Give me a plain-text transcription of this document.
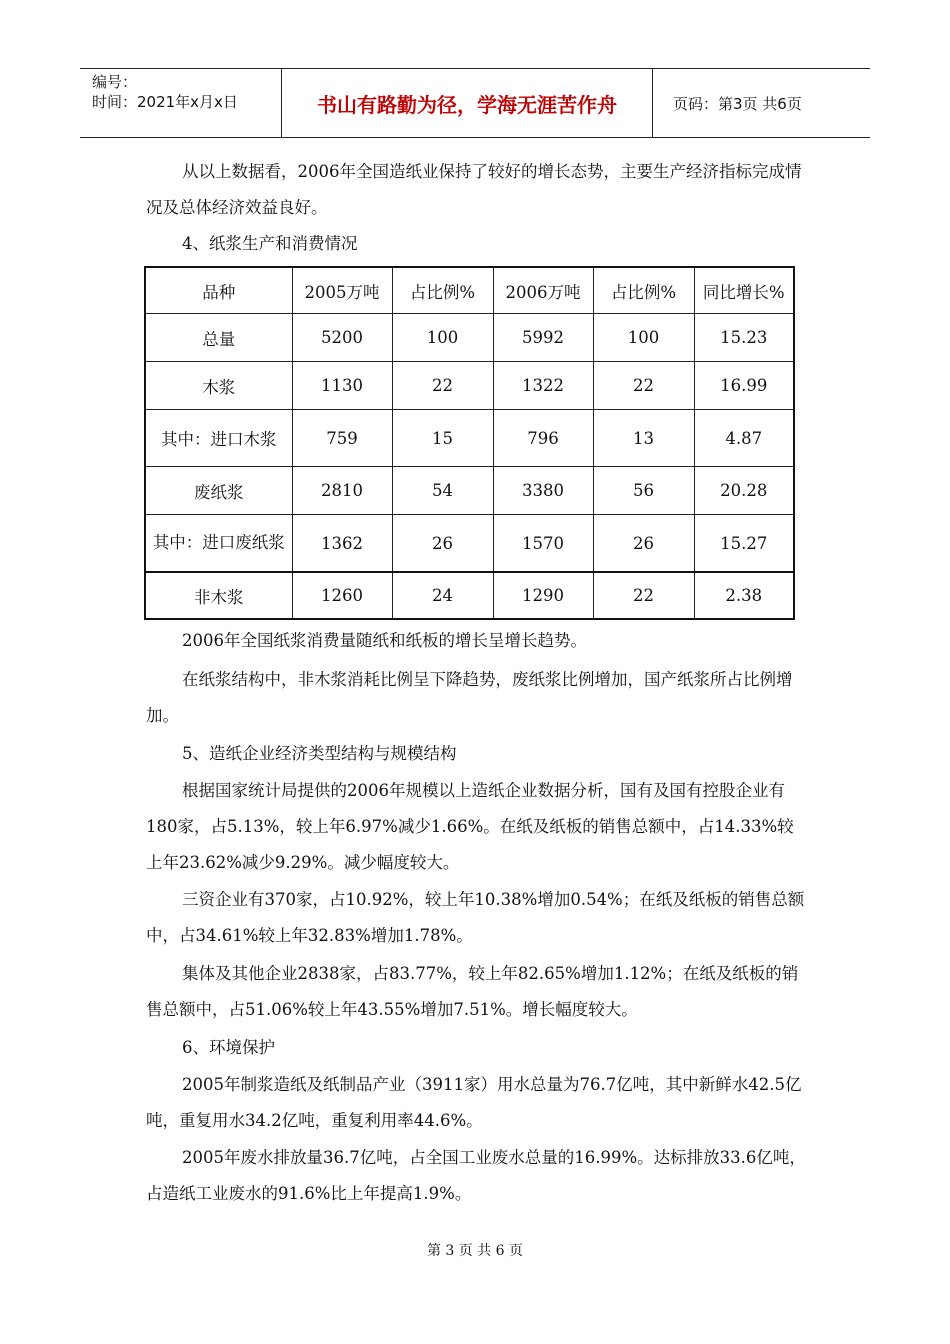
编号：
时间：2021年x月x日	书山有路勤为径，学海无涯苦作舟	页码：第3页 共6页

从以上数据看，2006年全国造纸业保持了较好的增长态势，主要生产经济指标完成情况及总体经济效益良好。

4、纸浆生产和消费情况

品种	2005万吨	占比例%	2006万吨	占比例%	同比增长%
总量	5200	100	5992	100	15.23
木浆	1130	22	1322	22	16.99
其中：进口木浆	759	15	796	13	4.87
废纸浆	2810	54	3380	56	20.28
其中：进口废纸浆	1362	26	1570	26	15.27
非木浆	1260	24	1290	22	2.38

2006年全国纸浆消费量随纸和纸板的增长呈增长趋势。

在纸浆结构中，非木浆消耗比例呈下降趋势，废纸浆比例增加，国产纸浆所占比例增加。

5、造纸企业经济类型结构与规模结构

根据国家统计局提供的2006年规模以上造纸企业数据分析，国有及国有控股企业有180家，占5.13%，较上年6.97%减少1.66%。在纸及纸板的销售总额中，占14.33%较上年23.62%减少9.29%。减少幅度较大。

三资企业有370家，占10.92%，较上年10.38%增加0.54%；在纸及纸板的销售总额中，占34.61%较上年32.83%增加1.78%。

集体及其他企业2838家，占83.77%，较上年82.65%增加1.12%；在纸及纸板的销售总额中，占51.06%较上年43.55%增加7.51%。增长幅度较大。

6、环境保护

2005年制浆造纸及纸制品产业（3911家）用水总量为76.7亿吨，其中新鲜水42.5亿吨，重复用水34.2亿吨，重复利用率44.6%。

2005年废水排放量36.7亿吨，占全国工业废水总量的16.99%。达标排放33.6亿吨，占造纸工业废水的91.6%比上年提高1.9%。

第 3 页 共 6 页
